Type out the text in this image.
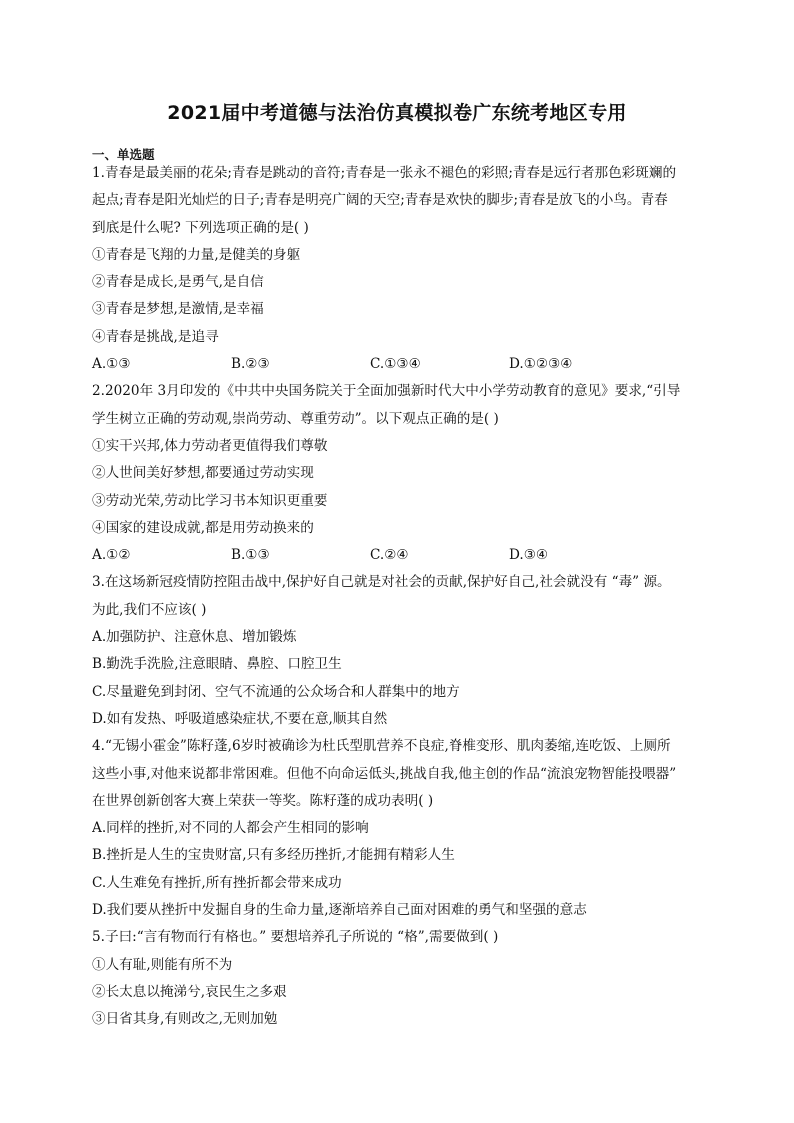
2021届中考道德与法治仿真模拟卷广东统考地区专用
一、单选题
1.青春是最美丽的花朵;青春是跳动的音符;青春是一张永不褪色的彩照;青春是远行者那色彩斑斓的
起点;青春是阳光灿烂的日子;青春是明亮广阔的天空;青春是欢快的脚步;青春是放飞的小鸟。青春
到底是什么呢? 下列选项正确的是( )
①青春是飞翔的力量,是健美的身躯
②青春是成长,是勇气,是自信
③青春是梦想,是激情,是幸福
④青春是挑战,是追寻
A.①③	B.②③	C.①③④	D.①②③④
2.2020年 3月印发的《中共中央国务院关于全面加强新时代大中小学劳动教育的意见》要求,“引导
学生树立正确的劳动观,崇尚劳动、尊重劳动”。以下观点正确的是( )
①实干兴邦,体力劳动者更值得我们尊敬
②人世间美好梦想,都要通过劳动实现
③劳动光荣,劳动比学习书本知识更重要
④国家的建设成就,都是用劳动换来的
A.①②	B.①③	C.②④	D.③④
3.在这场新冠疫情防控阻击战中,保护好自己就是对社会的贡献,保护好自己,社会就没有 “毒” 源。
为此,我们不应该( )
A.加强防护、注意休息、增加锻炼
B.勤洗手洗脸,注意眼睛、鼻腔、口腔卫生
C.尽量避免到封闭、空气不流通的公众场合和人群集中的地方
D.如有发热、呼吸道感染症状,不要在意,顺其自然
4.“无锡小霍金”陈籽蓬,6岁时被确诊为杜氏型肌营养不良症,脊椎变形、肌肉萎缩,连吃饭、上厕所
这些小事,对他来说都非常困难。但他不向命运低头,挑战自我,他主创的作品“流浪宠物智能投喂器”
在世界创新创客大赛上荣获一等奖。陈籽蓬的成功表明( )
A.同样的挫折,对不同的人都会产生相同的影响
B.挫折是人生的宝贵财富,只有多经历挫折,才能拥有精彩人生
C.人生难免有挫折,所有挫折都会带来成功
D.我们要从挫折中发掘自身的生命力量,逐渐培养自己面对困难的勇气和坚强的意志
5.子曰:“言有物而行有格也。” 要想培养孔子所说的 “格”,需要做到( )
①人有耻,则能有所不为
②长太息以掩涕兮,哀民生之多艰
③日省其身,有则改之,无则加勉
